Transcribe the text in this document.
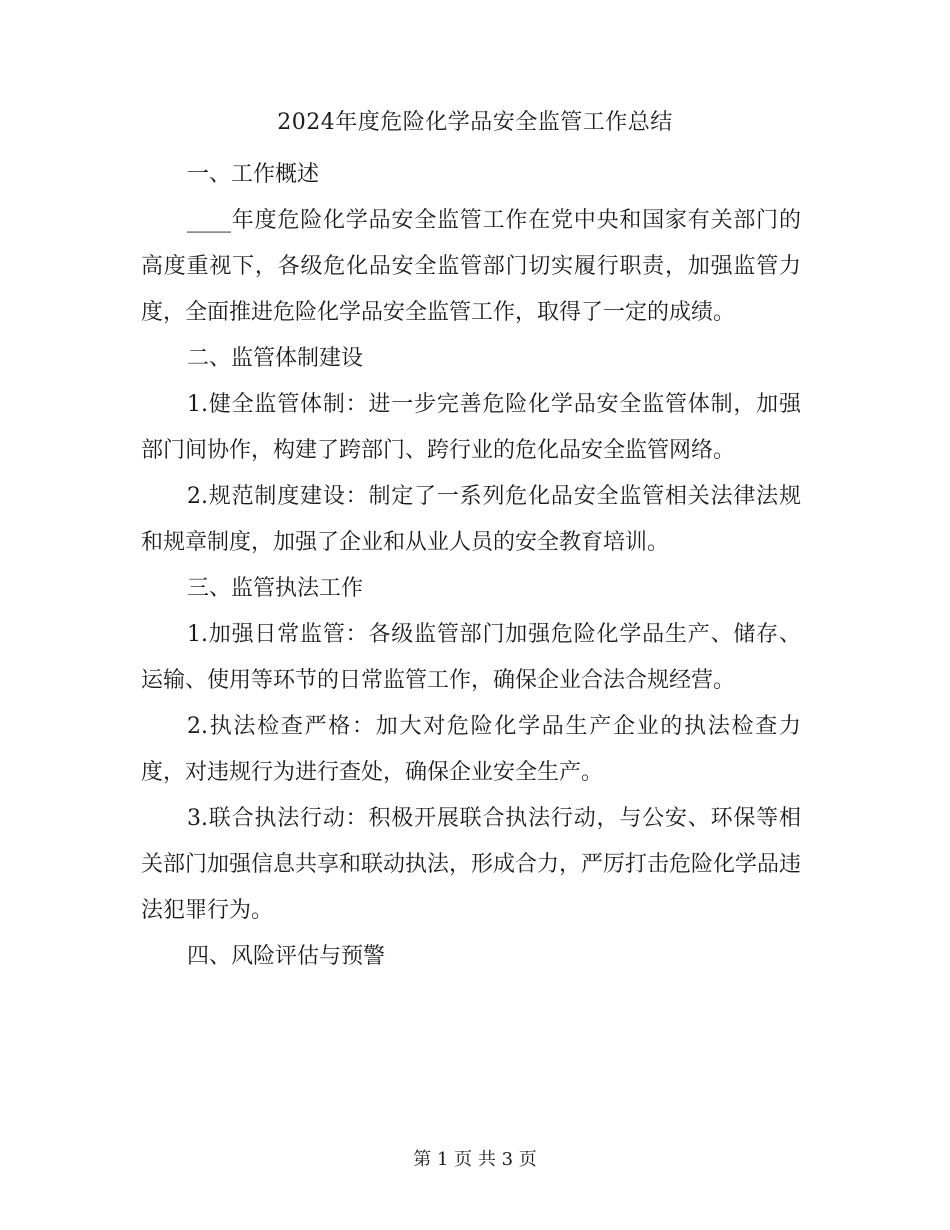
2024年度危险化学品安全监管工作总结

一、工作概述

____年度危险化学品安全监管工作在党中央和国家有关部门的高度重视下，各级危化品安全监管部门切实履行职责，加强监管力度，全面推进危险化学品安全监管工作，取得了一定的成绩。

二、监管体制建设

1.健全监管体制：进一步完善危险化学品安全监管体制，加强部门间协作，构建了跨部门、跨行业的危化品安全监管网络。

2.规范制度建设：制定了一系列危化品安全监管相关法律法规和规章制度，加强了企业和从业人员的安全教育培训。

三、监管执法工作

1.加强日常监管：各级监管部门加强危险化学品生产、储存、运输、使用等环节的日常监管工作，确保企业合法合规经营。

2.执法检查严格：加大对危险化学品生产企业的执法检查力度，对违规行为进行查处，确保企业安全生产。

3.联合执法行动：积极开展联合执法行动，与公安、环保等相关部门加强信息共享和联动执法，形成合力，严厉打击危险化学品违法犯罪行为。

四、风险评估与预警

第 1 页 共 3 页
